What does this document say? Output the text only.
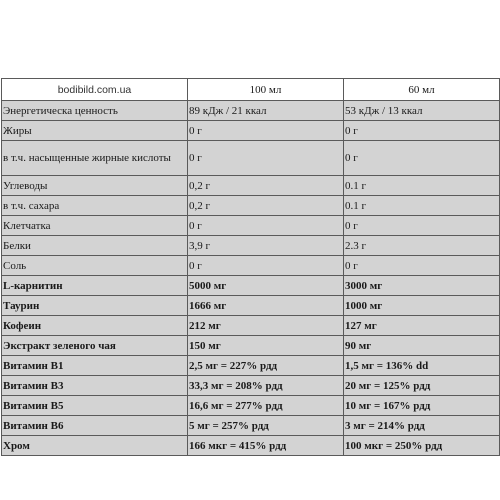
bodibild.com.ua	100 мл	60 мл
Энергетическа ценность	89 кДж / 21 ккал	53 кДж / 13 ккал
Жиры	0 г	0 г
в т.ч. насыщенные жирные кислоты	0 г	0 г
Углеводы	0,2 г	0.1 г
в т.ч. сахара	0,2 г	0.1 г
Клетчатка	0 г	0 г
Белки	3,9 г	2.3 г
Соль	0 г	0 г
L-карнитин	5000 мг	3000 мг
Таурин	1666 мг	1000 мг
Кофеин	212 мг	127 мг
Экстракт зеленого чая	150 мг	90 мг
Витамин B1	2,5 мг = 227% рдд	1,5 мг = 136% dd
Витамин B3	33,3 мг = 208% рдд	20 мг = 125% рдд
Витамин B5	16,6 мг = 277% рдд	10 мг = 167% рдд
Витамин B6	5 мг = 257% рдд	3 мг = 214% рдд
Хром	166 мкг = 415% рдд	100 мкг = 250% рдд
